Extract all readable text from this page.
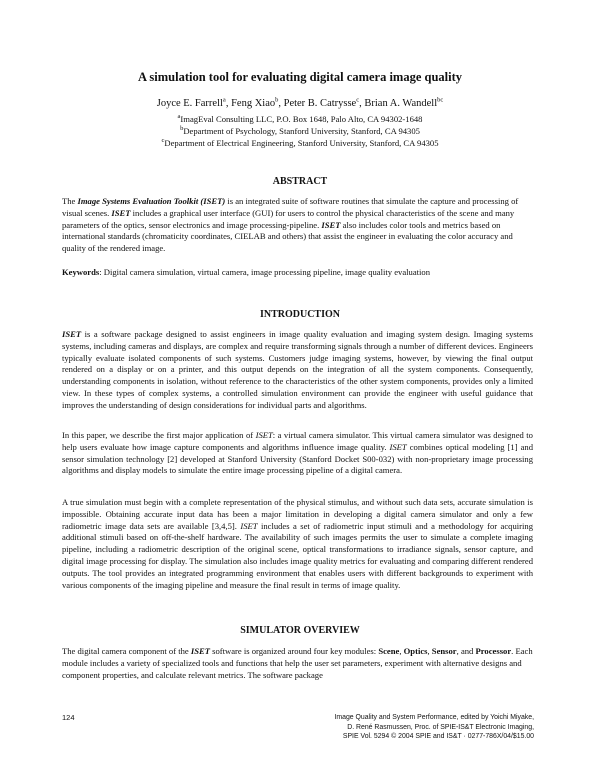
A simulation tool for evaluating digital camera image quality
Joyce E. Farrell$^a$, Feng Xiao$^b$, Peter B. Catrysse$^c$, Brian A. Wandell$^{bc}$
$^a$ImagEval Consulting LLC, P.O. Box 1648, Palo Alto, CA 94302-1648
$^b$Department of Psychology, Stanford University, Stanford, CA 94305
$^c$Department of Electrical Engineering, Stanford University, Stanford, CA 94305
ABSTRACT
The Image Systems Evaluation Toolkit (ISET) is an integrated suite of software routines that simulate the capture and processing of visual scenes. ISET includes a graphical user interface (GUI) for users to control the physical characteristics of the scene and many parameters of the optics, sensor electronics and image processing-pipeline. ISET also includes color tools and metrics based on international standards (chromaticity coordinates, CIELAB and others) that assist the engineer in evaluating the color accuracy and quality of the rendered image.
Keywords: Digital camera simulation, virtual camera, image processing pipeline, image quality evaluation
INTRODUCTION
ISET is a software package designed to assist engineers in image quality evaluation and imaging system design. Imaging systems systems, including cameras and displays, are complex and require transforming signals through a number of different devices. Engineers typically evaluate isolated components of such systems. Customers judge imaging systems, however, by viewing the final output rendered on a display or on a printer, and this output depends on the integration of all the system components. Consequently, understanding components in isolation, without reference to the characteristics of the other system components, provides only a limited view. In these types of complex systems, a controlled simulation environment can provide the engineer with useful guidance that improves the understanding of design considerations for individual parts and algorithms.
In this paper, we describe the first major application of ISET: a virtual camera simulator. This virtual camera simulator was designed to help users evaluate how image capture components and algorithms influence image quality. ISET combines optical modeling [1] and sensor simulation technology [2] developed at Stanford University (Stanford Docket S00-032) with non-proprietary image processing algorithms and display models to simulate the entire image processing pipeline of a digital camera.
A true simulation must begin with a complete representation of the physical stimulus, and without such data sets, accurate simulation is impossible. Obtaining accurate input data has been a major limitation in developing a digital camera simulator and only a few radiometric image data sets are available [3,4,5]. ISET includes a set of radiometric input stimuli and a methodology for acquiring additional stimuli based on off-the-shelf hardware. The availability of such images permits the user to simulate a complete imaging pipeline, including a radiometric description of the original scene, optical transformations to irradiance signals, sensor capture, and digital image processing for display. The simulation also includes image quality metrics for evaluating and comparing different rendered outputs. The tool provides an integrated programming environment that enables users with different backgrounds to experiment with various components of the imaging pipeline and measure the final result in terms of image quality.
SIMULATOR OVERVIEW
The digital camera component of the ISET software is organized around four key modules: Scene, Optics, Sensor, and Processor. Each module includes a variety of specialized tools and functions that help the user set parameters, experiment with alternative designs and component properties, and calculate relevant metrics. The software package
124	Image Quality and System Performance, edited by Yoichi Miyake,
D. René Rasmussen, Proc. of SPIE-IS&T Electronic Imaging,
SPIE Vol. 5294 © 2004 SPIE and IS&T · 0277-786X/04/$15.00
